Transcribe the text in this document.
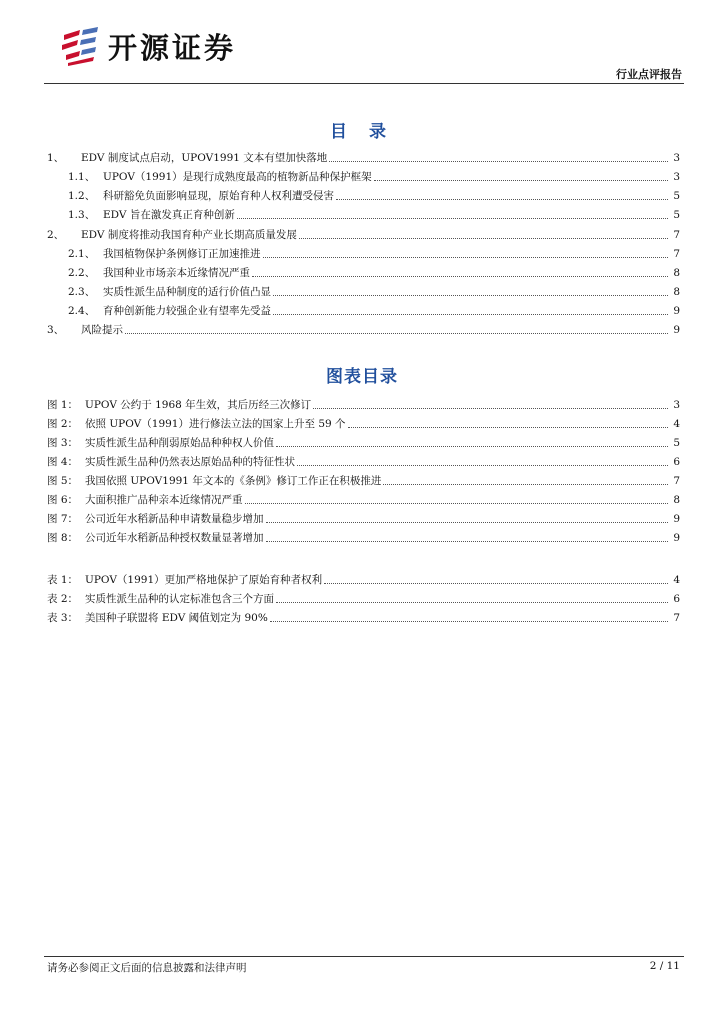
开源证券
行业点评报告
目 录
1、	EDV 制度试点启动，UPOV1991 文本有望加快落地	3
1.1、 UPOV（1991）是现行成熟度最高的植物新品种保护框架	3
1.2、 科研豁免负面影响显现，原始育种人权利遭受侵害	5
1.3、 EDV 旨在激发真正育种创新	5
2、	EDV 制度将推动我国育种产业长期高质量发展	7
2.1、 我国植物保护条例修订正加速推进	7
2.2、 我国种业市场亲本近缘情况严重	8
2.3、 实质性派生品种制度的适行价值凸显	8
2.4、 育种创新能力较强企业有望率先受益	9
3、	风险提示	9
图表目录
图 1： UPOV 公约于 1968 年生效，其后历经三次修订	3
图 2： 依照 UPOV（1991）进行修法立法的国家上升至 59 个	4
图 3： 实质性派生品种削弱原始品种种权人价值	5
图 4： 实质性派生品种仍然表达原始品种的特征性状	6
图 5： 我国依照 UPOV1991 年文本的《条例》修订工作正在积极推进	7
图 6： 大面积推广品种亲本近缘情况严重	8
图 7： 公司近年水稻新品种申请数量稳步增加	9
图 8： 公司近年水稻新品种授权数量显著增加	9
表 1： UPOV（1991）更加严格地保护了原始育种者权利	4
表 2： 实质性派生品种的认定标准包含三个方面	6
表 3： 美国种子联盟将 EDV 阈值划定为 90%	7
请务必参阅正文后面的信息披露和法律声明	2 / 11
